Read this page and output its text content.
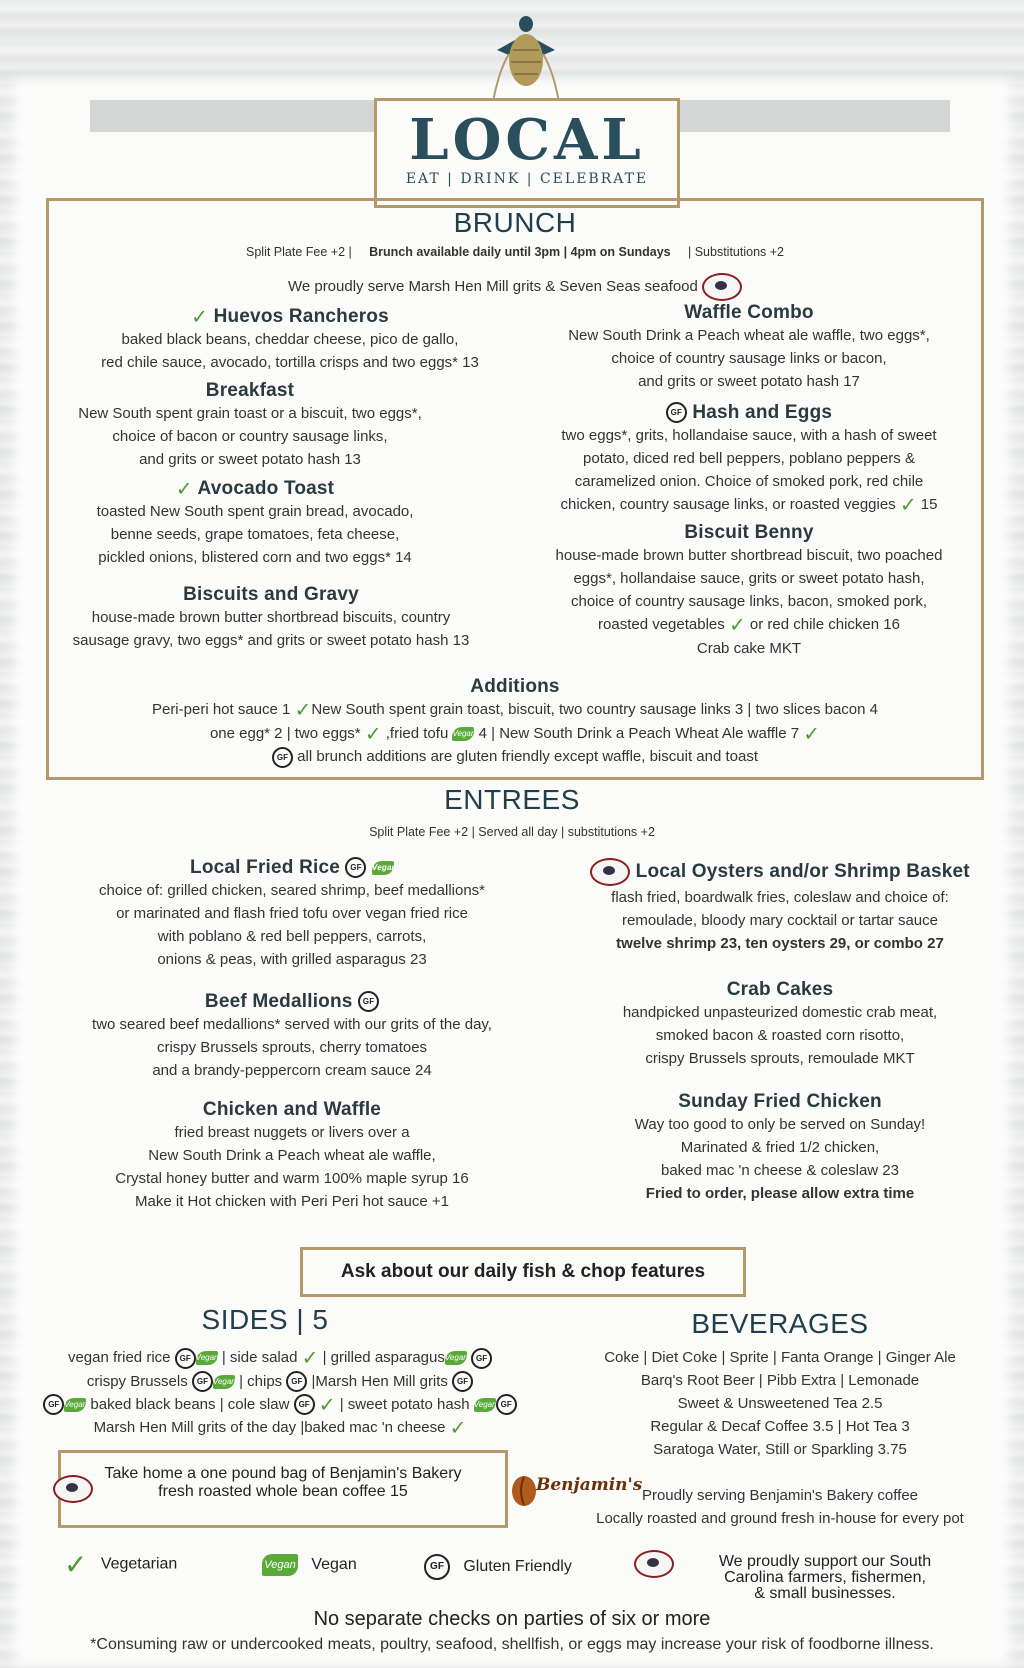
LOCAL
EAT | DRINK | CELEBRATE
BRUNCH
Split Plate Fee +2 | Brunch available daily until 3pm | 4pm on Sundays | Substitutions +2
We proudly serve Marsh Hen Mill grits & Seven Seas seafood
✓ Huevos Rancheros
baked black beans, cheddar cheese, pico de gallo,
red chile sauce, avocado, tortilla crisps and two eggs* 13
Breakfast
New South spent grain toast or a biscuit, two eggs*,
choice of bacon or country sausage links,
and grits or sweet potato hash 13
✓ Avocado Toast
toasted New South spent grain bread, avocado,
benne seeds, grape tomatoes, feta cheese,
pickled onions, blistered corn and two eggs* 14
Biscuits and Gravy
house-made brown butter shortbread biscuits, country
sausage gravy, two eggs* and grits or sweet potato hash 13
Waffle Combo
New South Drink a Peach wheat ale waffle, two eggs*,
choice of country sausage links or bacon,
and grits or sweet potato hash 17
GF Hash and Eggs
two eggs*, grits, hollandaise sauce, with a hash of sweet
potato, diced red bell peppers, poblano peppers &
caramelized onion. Choice of smoked pork, red chile
chicken, country sausage links, or roasted veggies ✓ 15
Biscuit Benny
house-made brown butter shortbread biscuit, two poached
eggs*, hollandaise sauce, grits or sweet potato hash,
choice of country sausage links, bacon, smoked pork,
roasted vegetables ✓ or red chile chicken 16
Crab cake MKT
Additions
Peri-peri hot sauce 1 ✓New South spent grain toast, biscuit, two country sausage links 3 | two slices bacon 4
one egg* 2 | two eggs* ✓ ,fried tofu Vegan 4 | New South Drink a Peach Wheat Ale waffle 7 ✓
GF all brunch additions are gluten friendly except waffle, biscuit and toast
ENTREES
Split Plate Fee +2 | Served all day | substitutions +2
Local Fried Rice GF Vegan
choice of: grilled chicken, seared shrimp, beef medallions*
or marinated and flash fried tofu over vegan fried rice
with poblano & red bell peppers, carrots,
onions & peas, with grilled asparagus 23
Beef Medallions GF
two seared beef medallions* served with our grits of the day,
crispy Brussels sprouts, cherry tomatoes
and a brandy-peppercorn cream sauce 24
Chicken and Waffle
fried breast nuggets or livers over a
New South Drink a Peach wheat ale waffle,
Crystal honey butter and warm 100% maple syrup 16
Make it Hot chicken with Peri Peri hot sauce +1
Local Oysters and/or Shrimp Basket
flash fried, boardwalk fries, coleslaw and choice of:
remoulade, bloody mary cocktail or tartar sauce
twelve shrimp 23, ten oysters 29, or combo 27
Crab Cakes
handpicked unpasteurized domestic crab meat,
smoked bacon & roasted corn risotto,
crispy Brussels sprouts, remoulade MKT
Sunday Fried Chicken
Way too good to only be served on Sunday!
Marinated & fried 1/2 chicken,
baked mac 'n cheese & coleslaw 23
Fried to order, please allow extra time
Ask about our daily fish & chop features
SIDES | 5
vegan fried rice GF Vegan | side salad ✓ | grilled asparagusVegan GF
crispy Brussels GF Vegan | chips GF |Marsh Hen Mill grits GF
GF Vegan baked black beans | cole slaw GF ✓ | sweet potato hash Vegan GF
Marsh Hen Mill grits of the day |baked mac 'n cheese ✓
BEVERAGES
Coke | Diet Coke | Sprite | Fanta Orange | Ginger Ale
Barq's Root Beer | Pibb Extra | Lemonade
Sweet & Unsweetened Tea 2.5
Regular & Decaf Coffee 3.5 | Hot Tea 3
Saratoga Water, Still or Sparkling 3.75
Proudly serving Benjamin's Bakery coffee
Locally roasted and ground fresh in-house for every pot
Take home a one pound bag of Benjamin's Bakery
fresh roasted whole bean coffee 15	Benjamin's
✓ Vegetarian	Vegan Vegan	GF Gluten Friendly	We proudly support our South
Carolina farmers, fishermen,
& small businesses.
No separate checks on parties of six or more
*Consuming raw or undercooked meats, poultry, seafood, shellfish, or eggs may increase your risk of foodborne illness.
